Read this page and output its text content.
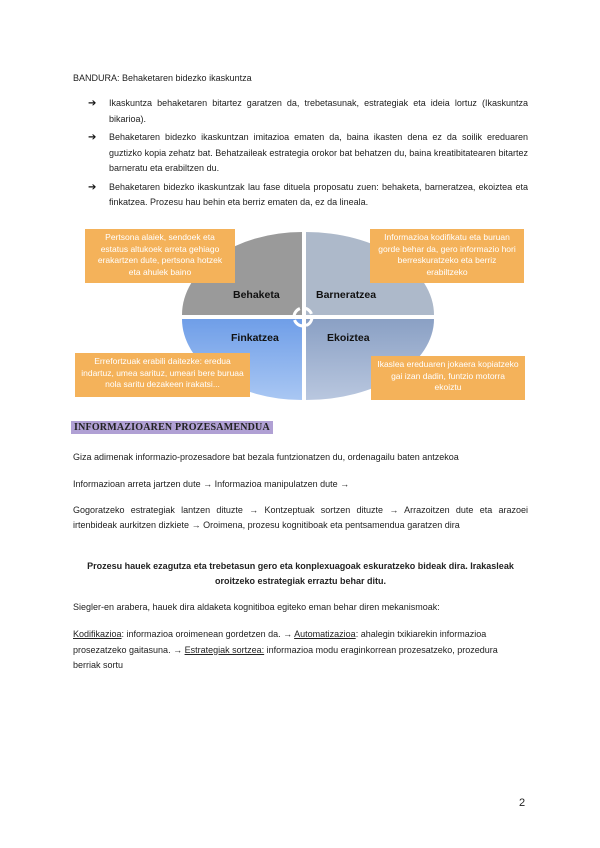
BANDURA: Behaketaren bidezko ikaskuntza

➔ Ikaskuntza behaketaren bitartez garatzen da, trebetasunak, estrategiak eta ideia lortuz (Ikaskuntza bikarioa).
➔ Behaketaren bidezko ikaskuntzan imitazioa ematen da, baina ikasten dena ez da soilik ereduaren guztizko kopia zehatz bat. Behatzaileak estrategia orokor bat behatzen du, baina kreatibitatearen bitartez barneratu eta erabiltzen du.
➔ Behaketaren bidezko ikaskuntzak lau fase dituela proposatu zuen: behaketa, barneratzea, ekoiztea eta finkatzea. Prozesu hau behin eta berriz ematen da, ez da lineala.
Behaketa	Barneratzea
Finkatzea	Ekoiztea
Pertsona alaiek, sendoek eta estatus altukoek arreta gehiago erakartzen dute, pertsona hotzek eta ahulek baino
Informazioa kodifikatu eta buruan gorde behar da, gero informazio hori berreskuratzeko eta berriz erabiltzeko
Errefortzuak erabili daitezke: eredua indartuz, umea sarituz, umeari bere buruaa nola saritu dezakeen irakatsi...
Ikaslea ereduaren jokaera kopiatzeko gai izan dadin, funtzio motorra ekoiztu
INFORMAZIOAREN PROZESAMENDUA

Giza adimenak informazio-prozesadore bat bezala funtzionatzen du, ordenagailu baten antzekoa

Informazioan arreta jartzen dute → Informazioa manipulatzen dute →

Gogoratzeko estrategiak lantzen dituzte → Kontzeptuak sortzen dituzte → Arrazoitzen dute eta arazoei irtenbideak aurkitzen dizkiete → Oroimena, prozesu kognitiboak eta pentsamendua garatzen dira

Prozesu hauek ezagutza eta trebetasun gero eta konplexuagoak eskuratzeko bideak dira. Irakasleak oroitzeko estrategiak erraztu behar ditu.

Siegler-en arabera, hauek dira aldaketa kognitiboa egiteko eman behar diren mekanismoak:

Kodifikazioa: informazioa oroimenean gordetzen da. → Automatizazioa: ahalegin txikiarekin informazioa prosezatzeko gaitasuna. → Estrategiak sortzea: informazioa modu eraginkorrean prozesatzeko, prozedura berriak sortu

2
